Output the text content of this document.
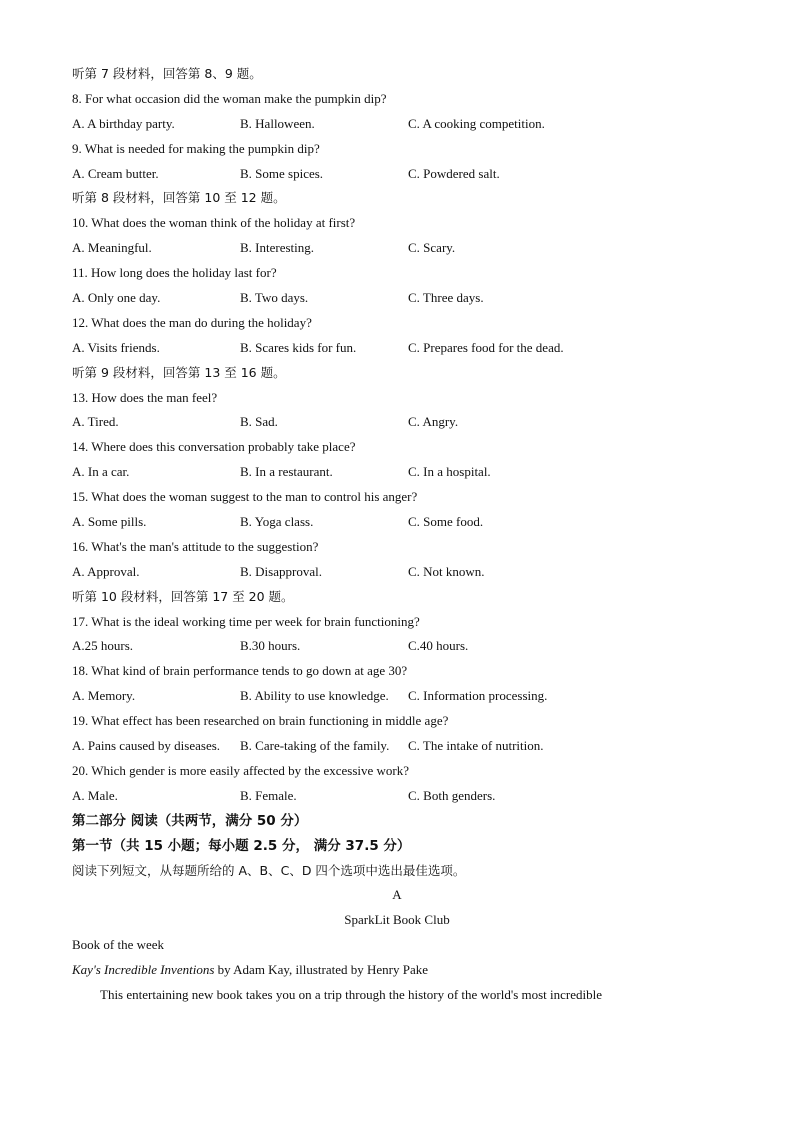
听第 7 段材料，回答第 8、9 题。
8. For what occasion did the woman make the pumpkin dip?
A. A birthday party.	B. Halloween.	C. A cooking competition.
9. What is needed for making the pumpkin dip?
A. Cream butter.	B. Some spices.	C. Powdered salt.
听第 8 段材料，回答第 10 至 12 题。
10. What does the woman think of the holiday at first?
A. Meaningful.	B. Interesting.	C. Scary.
11. How long does the holiday last for?
A. Only one day.	B. Two days.	C. Three days.
12. What does the man do during the holiday?
A. Visits friends.	B. Scares kids for fun.	C. Prepares food for the dead.
听第 9 段材料，回答第 13 至 16 题。
13. How does the man feel?
A. Tired.	B. Sad.	C. Angry.
14. Where does this conversation probably take place?
A. In a car.	B. In a restaurant.	C. In a hospital.
15. What does the woman suggest to the man to control his anger?
A. Some pills.	B. Yoga class.	C. Some food.
16. What's the man's attitude to the suggestion?
A. Approval.	B. Disapproval.	C. Not known.
听第 10 段材料，回答第 17 至 20 题。
17. What is the ideal working time per week for brain functioning?
A.25 hours.	B.30 hours.	C.40 hours.
18. What kind of brain performance tends to go down at age 30?
A. Memory.	B. Ability to use knowledge. C. Information processing.
19. What effect has been researched on brain functioning in middle age?
A. Pains caused by diseases. B. Care-taking of the family. C. The intake of nutrition.
20. Which gender is more easily affected by the excessive work?
A. Male.	B. Female.	C. Both genders.
第二部分 阅读（共两节，满分 50 分）
第一节（共 15 小题；每小题 2.5 分， 满分 37.5 分）
阅读下列短文，从每题所给的 A、B、C、D 四个选项中选出最佳选项。
A
SparkLit Book Club
Book of the week
Kay's Incredible Inventions by Adam Kay, illustrated by Henry Pake
This entertaining new book takes you on a trip through the history of the world's most incredible
